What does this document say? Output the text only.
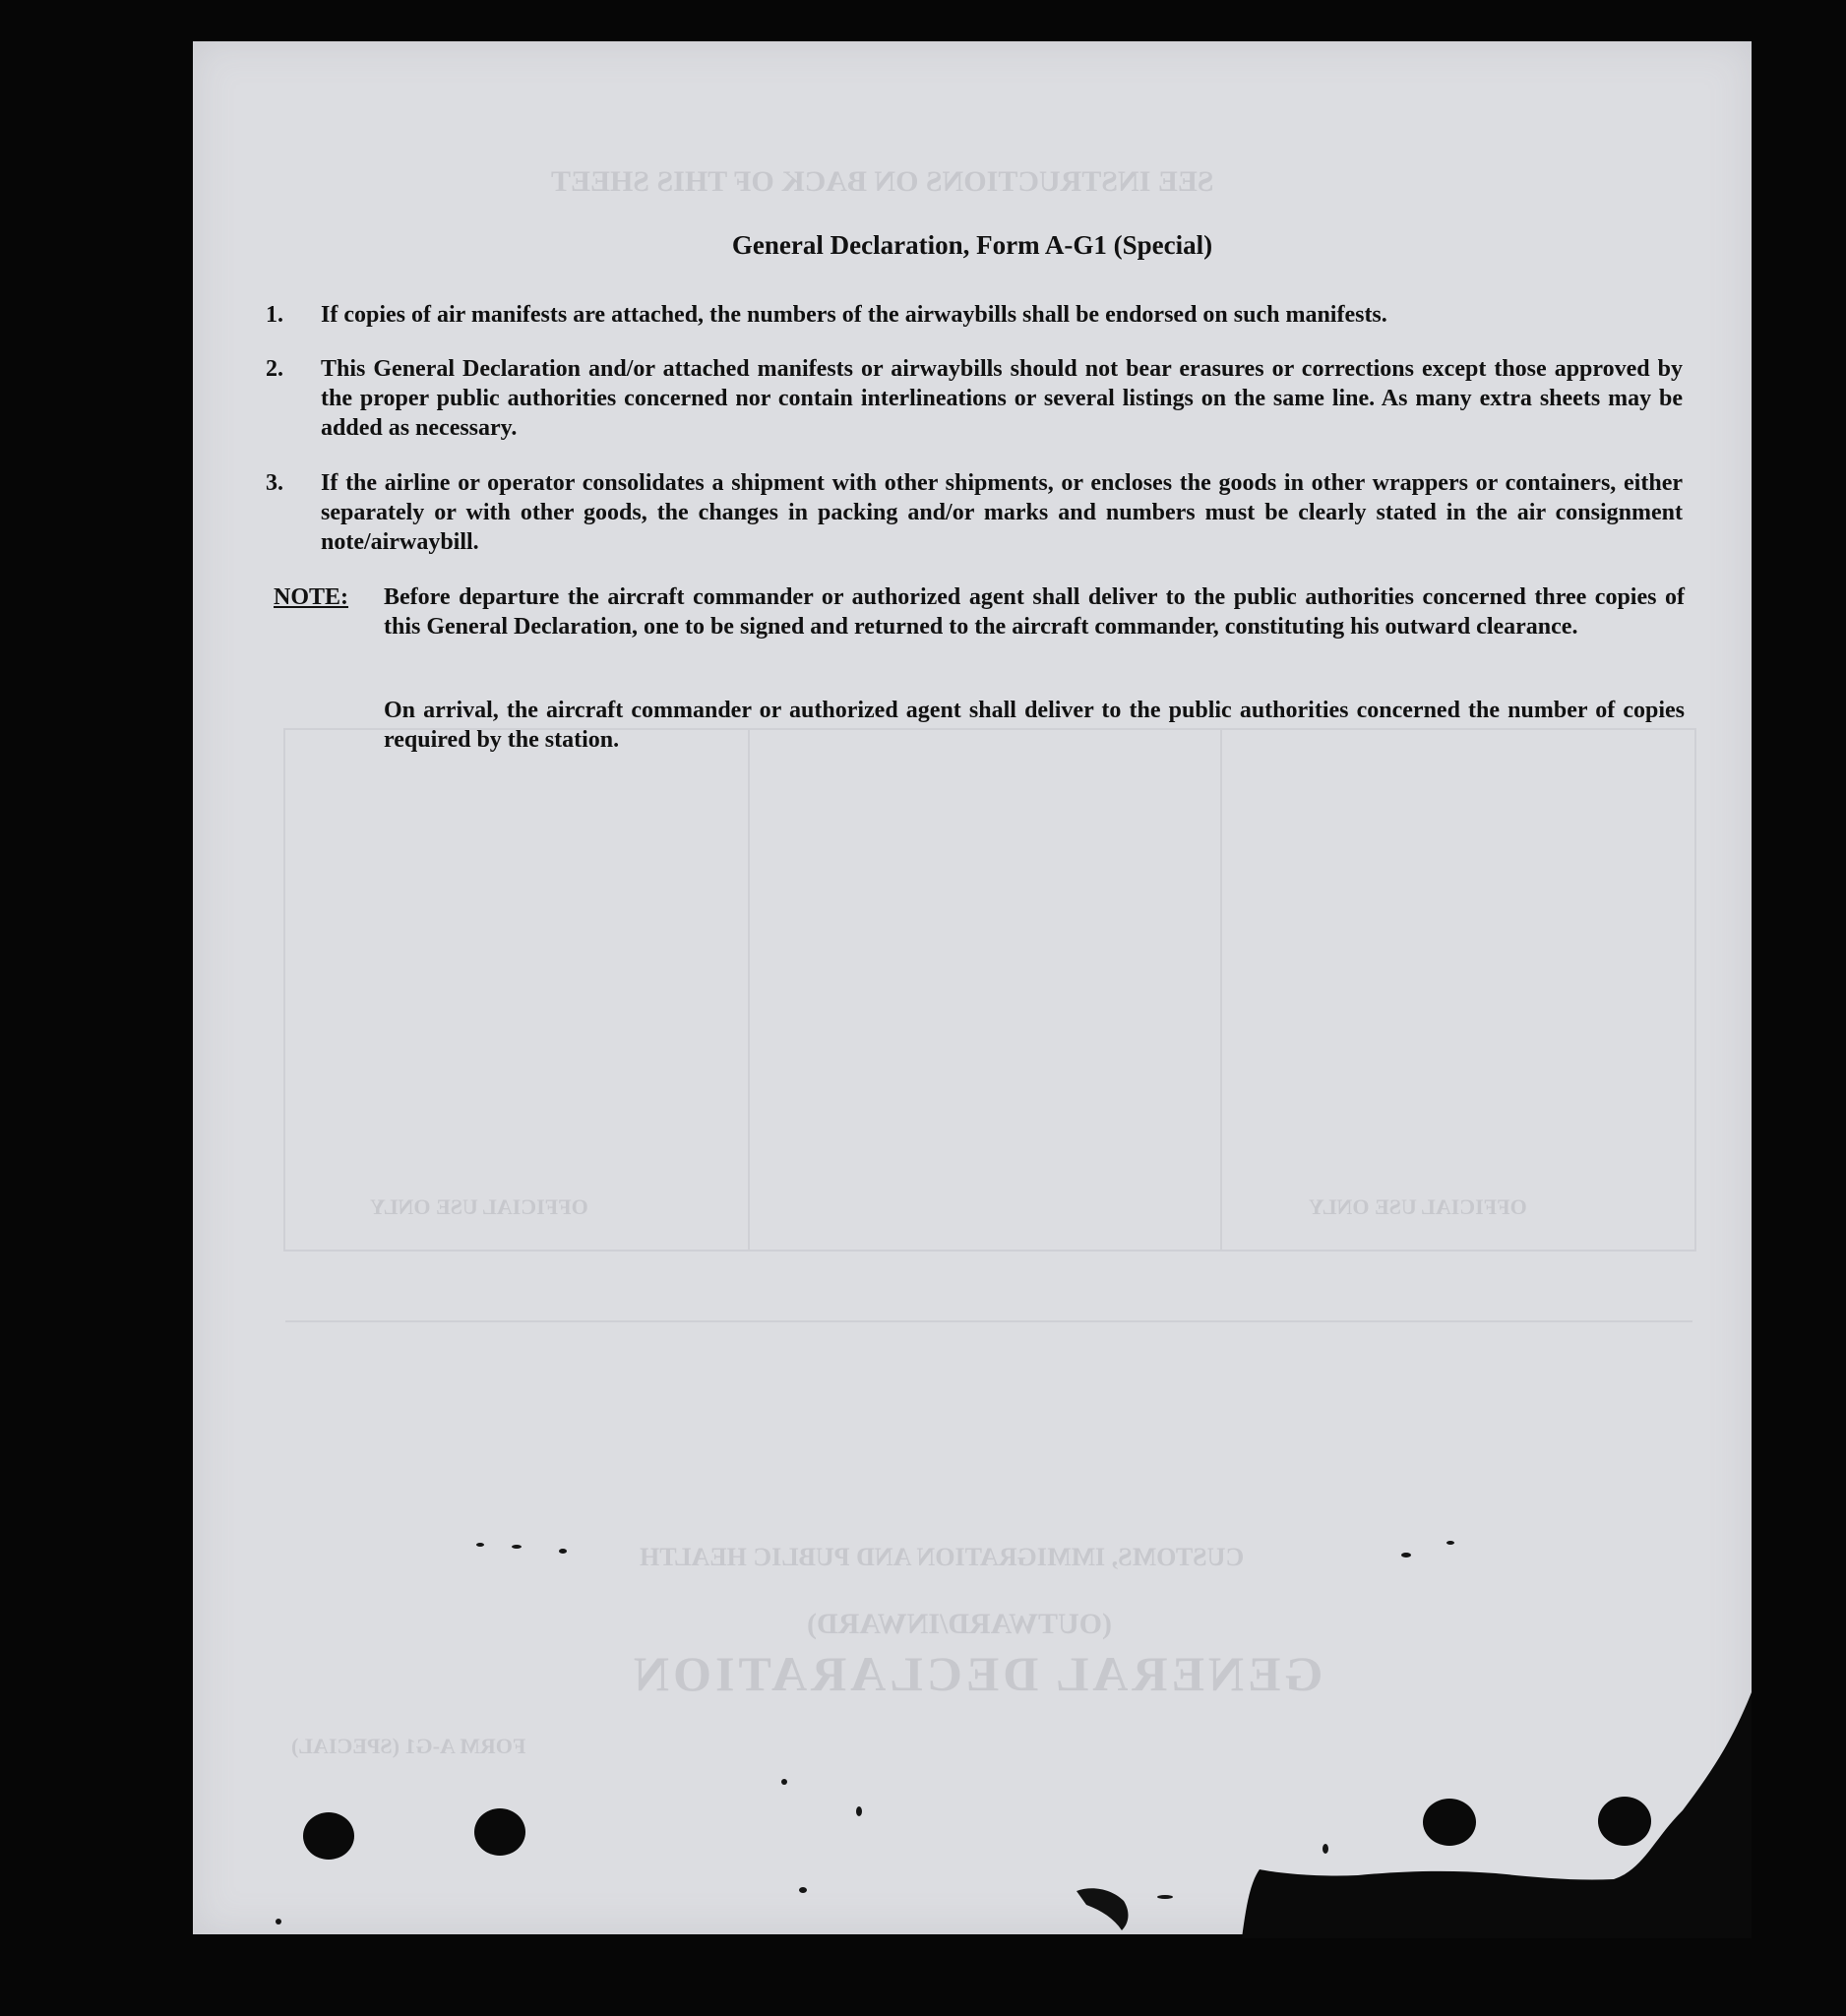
SEE INSTRUCTIONS ON BACK OF THIS SHEET
OFFICIAL USE ONLY	OFFICIAL USE ONLY
CUSTOMS, IMMIGRATION AND PUBLIC HEALTH
(OUTWARD/INWARD)
GENERAL DECLARATION
FORM A-G1 (SPECIAL)
General Declaration, Form A-G1 (Special)
1. If copies of air manifests are attached, the numbers of the airwaybills shall be endorsed on such manifests.
2. This General Declaration and/or attached manifests or airwaybills should not bear erasures or corrections except those approved by the proper public authorities concerned nor contain interlineations or several listings on the same line. As many extra sheets may be added as necessary.
3. If the airline or operator consolidates a shipment with other shipments, or encloses the goods in other wrappers or containers, either separately or with other goods, the changes in packing and/or marks and numbers must be clearly stated in the air consignment note/airwaybill.
NOTE: Before departure the aircraft commander or authorized agent shall deliver to the public authorities concerned three copies of this General Declaration, one to be signed and returned to the aircraft commander, constituting his outward clearance.
On arrival, the aircraft commander or authorized agent shall deliver to the public authorities concerned the number of copies required by the station.
